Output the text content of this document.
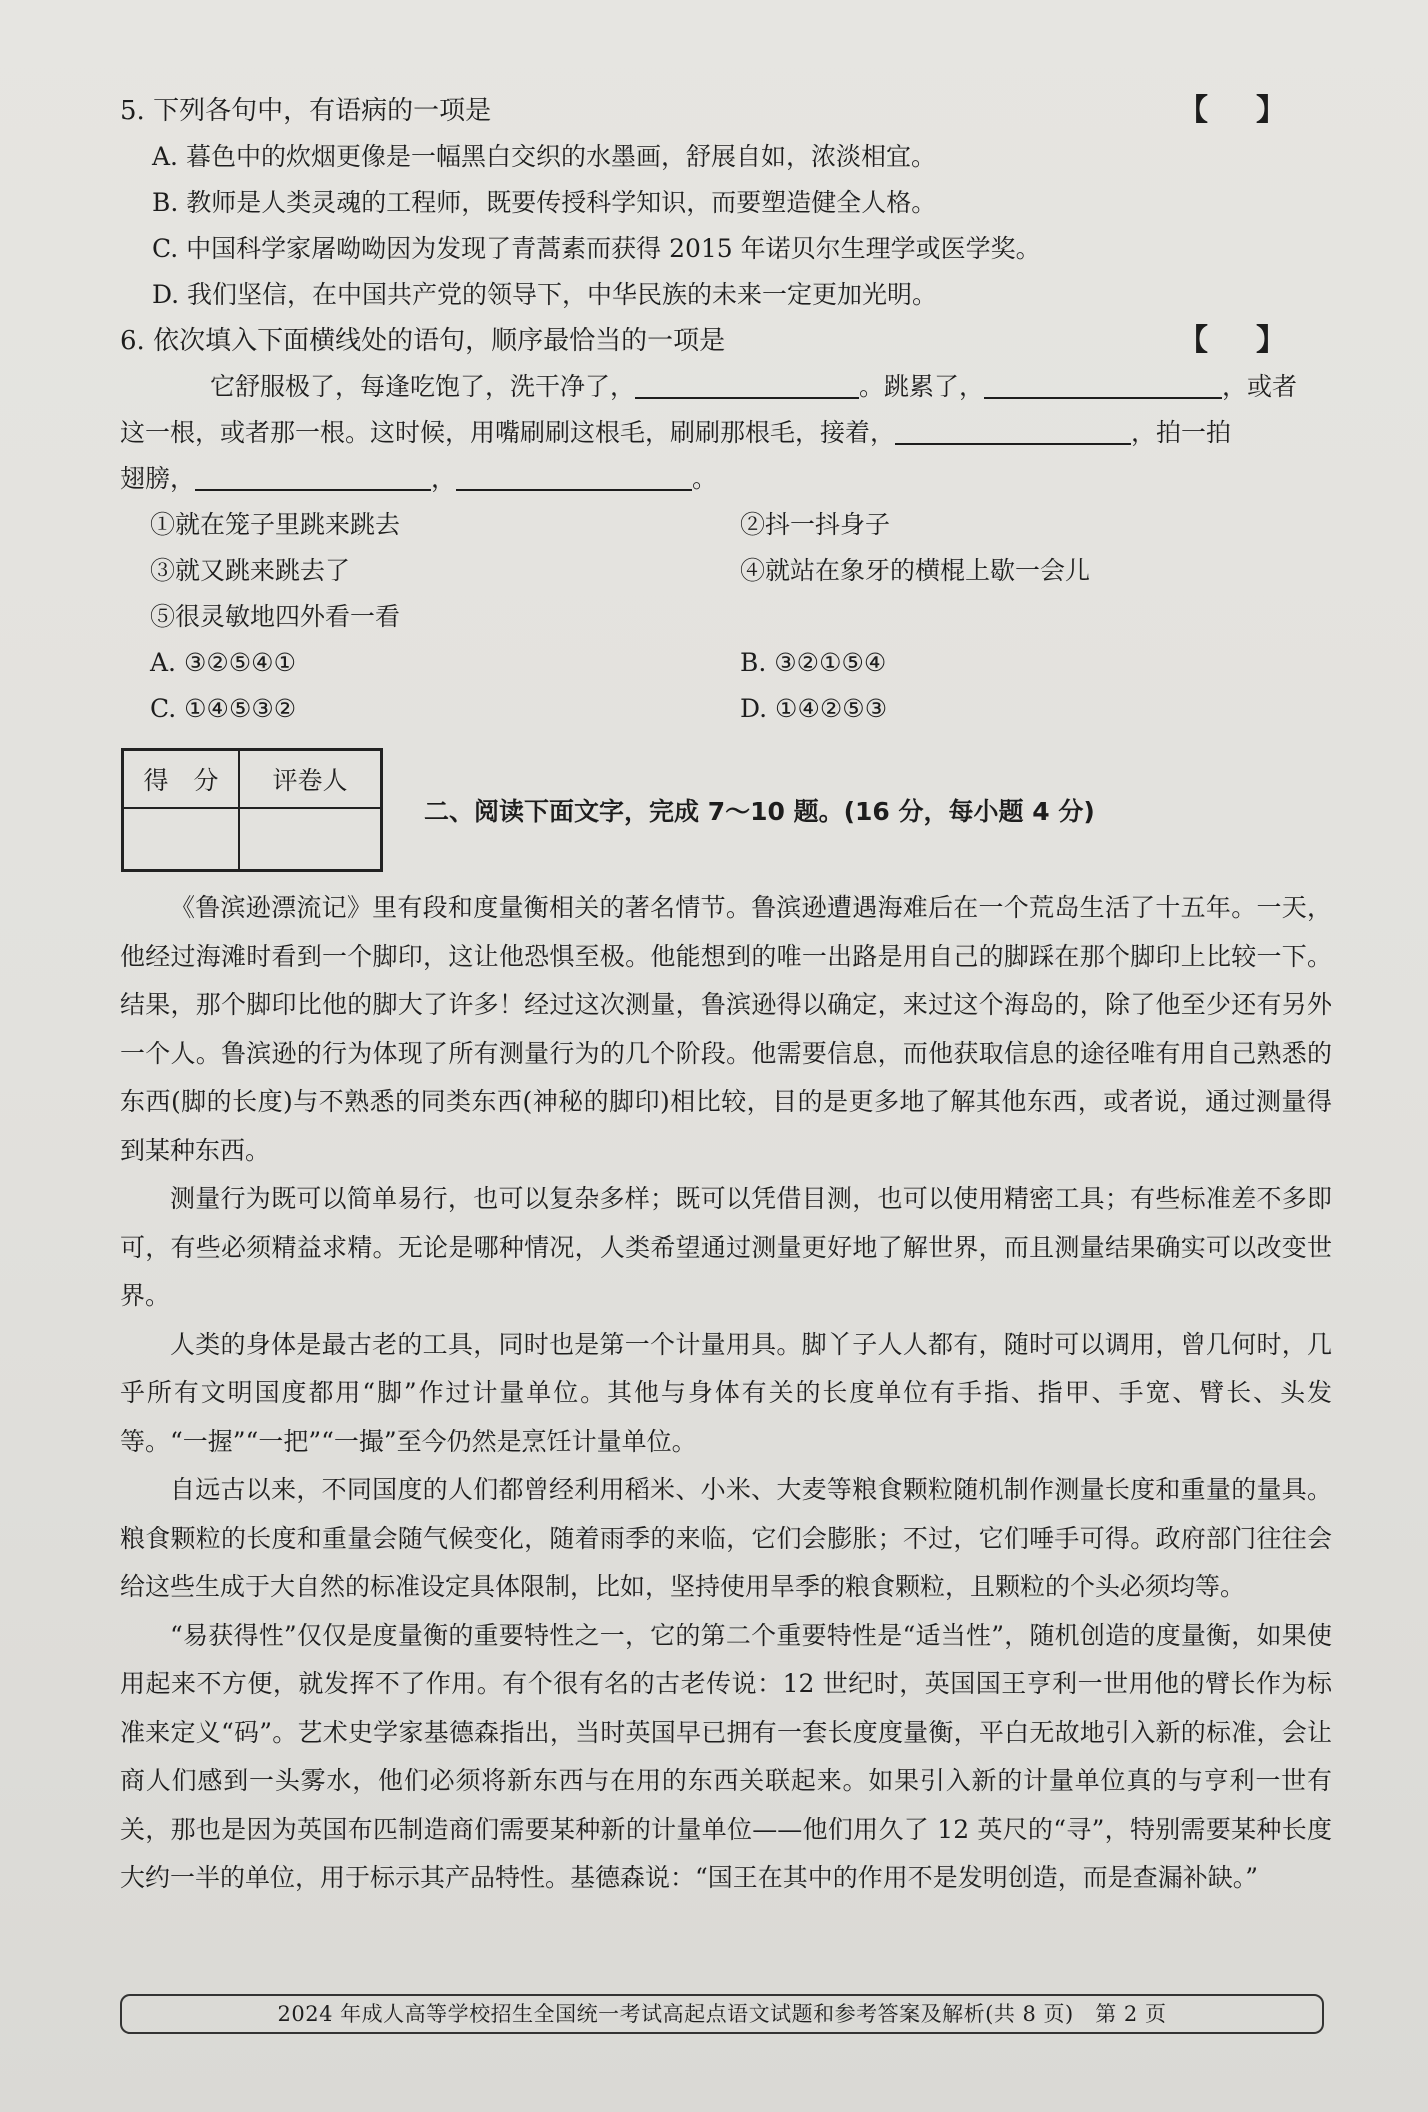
5. 下列各句中，有语病的一项是	【】
A. 暮色中的炊烟更像是一幅黑白交织的水墨画，舒展自如，浓淡相宜。
B. 教师是人类灵魂的工程师，既要传授科学知识，而要塑造健全人格。
C. 中国科学家屠呦呦因为发现了青蒿素而获得 2015 年诺贝尔生理学或医学奖。
D. 我们坚信，在中国共产党的领导下，中华民族的未来一定更加光明。
6. 依次填入下面横线处的语句，顺序最恰当的一项是	【】
它舒服极了，每逢吃饱了，洗干净了，	。跳累了，	，或者
这一根，或者那一根。这时候，用嘴刷刷这根毛，刷刷那根毛，接着，	，拍一拍
翅膀，	，	。
①就在笼子里跳来跳去	②抖一抖身子
③就又跳来跳去了	④就站在象牙的横棍上歇一会儿
⑤很灵敏地四外看一看
A. ③②⑤④①	B. ③②①⑤④
C. ①④⑤③②	D. ①④②⑤③
得　分	评卷人
二、阅读下面文字，完成 7～10 题。(16 分，每小题 4 分)

《鲁滨逊漂流记》里有段和度量衡相关的著名情节。鲁滨逊遭遇海难后在一个荒岛生活了十五年。一天，他经过海滩时看到一个脚印，这让他恐惧至极。他能想到的唯一出路是用自己的脚踩在那个脚印上比较一下。结果，那个脚印比他的脚大了许多！经过这次测量，鲁滨逊得以确定，来过这个海岛的，除了他至少还有另外一个人。鲁滨逊的行为体现了所有测量行为的几个阶段。他需要信息，而他获取信息的途径唯有用自己熟悉的东西(脚的长度)与不熟悉的同类东西(神秘的脚印)相比较，目的是更多地了解其他东西，或者说，通过测量得到某种东西。

测量行为既可以简单易行，也可以复杂多样；既可以凭借目测，也可以使用精密工具；有些标准差不多即可，有些必须精益求精。无论是哪种情况，人类希望通过测量更好地了解世界，而且测量结果确实可以改变世界。

人类的身体是最古老的工具，同时也是第一个计量用具。脚丫子人人都有，随时可以调用，曾几何时，几乎所有文明国度都用“脚”作过计量单位。其他与身体有关的长度单位有手指、指甲、手宽、臂长、头发等。“一握”“一把”“一撮”至今仍然是烹饪计量单位。

自远古以来，不同国度的人们都曾经利用稻米、小米、大麦等粮食颗粒随机制作测量长度和重量的量具。粮食颗粒的长度和重量会随气候变化，随着雨季的来临，它们会膨胀；不过，它们唾手可得。政府部门往往会给这些生成于大自然的标准设定具体限制，比如，坚持使用旱季的粮食颗粒，且颗粒的个头必须均等。

“易获得性”仅仅是度量衡的重要特性之一，它的第二个重要特性是“适当性”，随机创造的度量衡，如果使用起来不方便，就发挥不了作用。有个很有名的古老传说：12 世纪时，英国国王亨利一世用他的臂长作为标准来定义“码”。艺术史学家基德森指出，当时英国早已拥有一套长度度量衡，平白无故地引入新的标准，会让商人们感到一头雾水，他们必须将新东西与在用的东西关联起来。如果引入新的计量单位真的与亨利一世有关，那也是因为英国布匹制造商们需要某种新的计量单位——他们用久了 12 英尺的“寻”，特别需要某种长度大约一半的单位，用于标示其产品特性。基德森说：“国王在其中的作用不是发明创造，而是查漏补缺。”

2024 年成人高等学校招生全国统一考试高起点语文试题和参考答案及解析(共 8 页)　第 2 页
